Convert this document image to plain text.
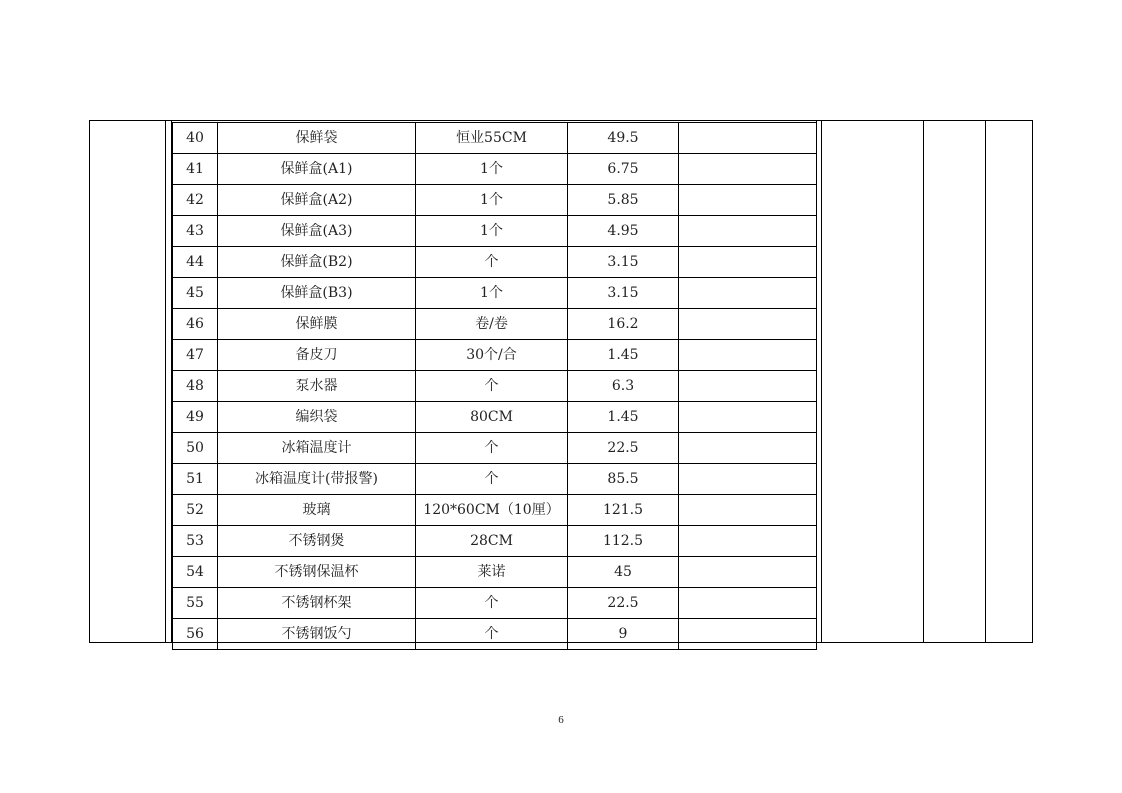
40	保鲜袋	恒业55CM	49.5	
41	保鲜盒(A1)	1个	6.75	
42	保鲜盒(A2)	1个	5.85	
43	保鲜盒(A3)	1个	4.95	
44	保鲜盒(B2)	个	3.15	
45	保鲜盒(B3)	1个	3.15	
46	保鲜膜	卷/卷	16.2	
47	备皮刀	30个/合	1.45	
48	泵水器	个	6.3	
49	编织袋	80CM	1.45	
50	冰箱温度计	个	22.5	
51	冰箱温度计(带报警)	个	85.5	
52	玻璃	120*60CM（10厘）	121.5	
53	不锈钢煲	28CM	112.5	
54	不锈钢保温杯	莱诺	45	
55	不锈钢杯架	个	22.5	
56	不锈钢饭勺	个	9	
6
